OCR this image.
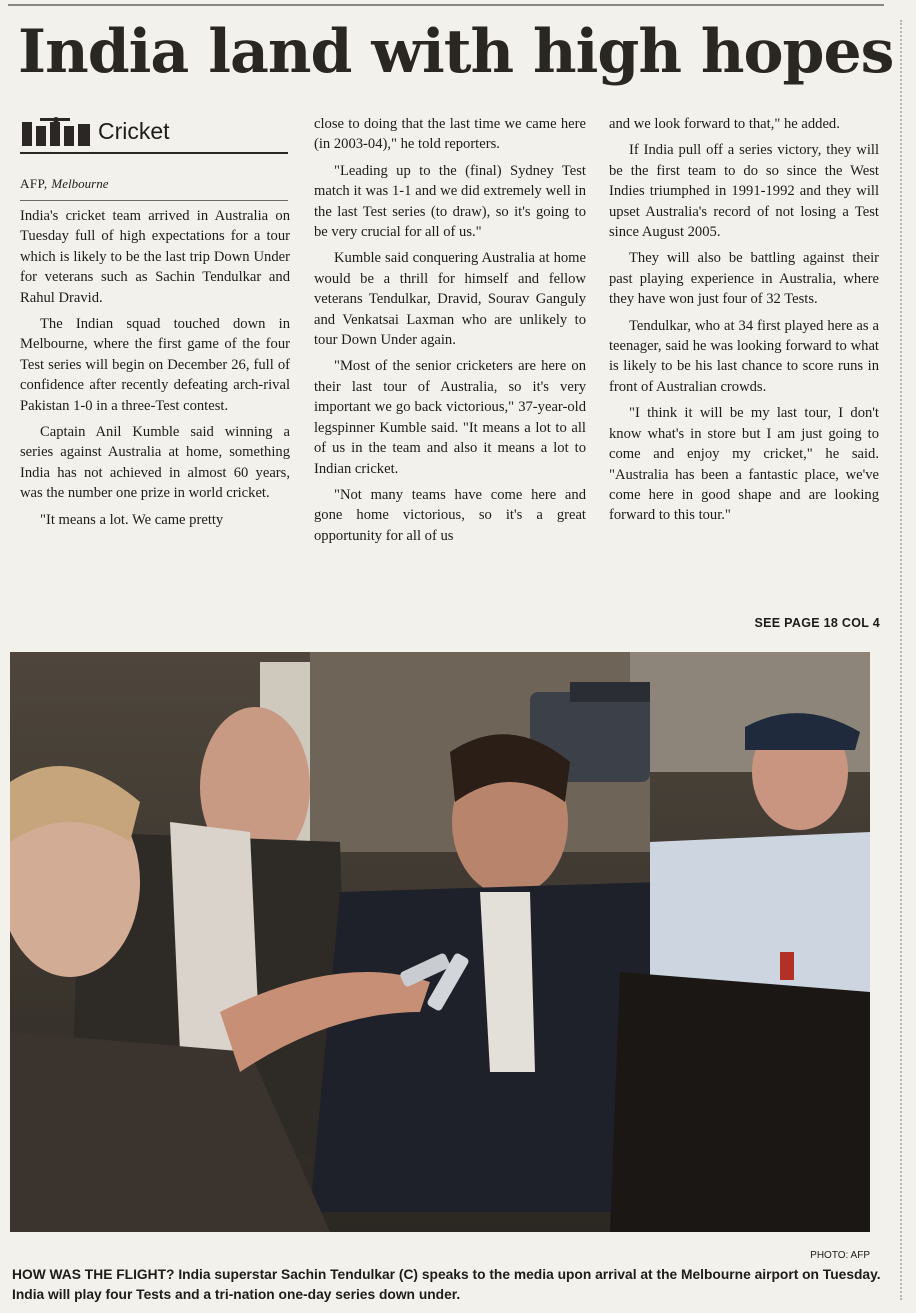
India land with high hopes
Cricket
AFP, Melbourne

India's cricket team arrived in Australia on Tuesday full of high expectations for a tour which is likely to be the last trip Down Under for veterans such as Sachin Tendulkar and Rahul Dravid.

The Indian squad touched down in Melbourne, where the first game of the four Test series will begin on December 26, full of confidence after recently defeating arch-rival Pakistan 1-0 in a three-Test contest.

Captain Anil Kumble said winning a series against Australia at home, something India has not achieved in almost 60 years, was the number one prize in world cricket.

"It means a lot. We came pretty

close to doing that the last time we came here (in 2003-04)," he told reporters.

"Leading up to the (final) Sydney Test match it was 1-1 and we did extremely well in the last Test series (to draw), so it's going to be very crucial for all of us."

Kumble said conquering Australia at home would be a thrill for himself and fellow veterans Tendulkar, Dravid, Sourav Ganguly and Venkatsai Laxman who are unlikely to tour Down Under again.

"Most of the senior cricketers are here on their last tour of Australia, so it's very important we go back victorious," 37-year-old legspinner Kumble said. "It means a lot to all of us in the team and also it means a lot to Indian cricket.

"Not many teams have come here and gone home victorious, so it's a great opportunity for all of us

and we look forward to that," he added.

If India pull off a series victory, they will be the first team to do so since the West Indies triumphed in 1991-1992 and they will upset Australia's record of not losing a Test since August 2005.

They will also be battling against their past playing experience in Australia, where they have won just four of 32 Tests.

Tendulkar, who at 34 first played here as a teenager, said he was looking forward to what is likely to be his last chance to score runs in front of Australian crowds.

"I think it will be my last tour, I don't know what's in store but I am just going to come and enjoy my cricket," he said. "Australia has been a fantastic place, we've come here in good shape and are looking forward to this tour."

SEE PAGE 18 COL 4
PHOTO: AFP
HOW WAS THE FLIGHT? India superstar Sachin Tendulkar (C) speaks to the media upon arrival at the Melbourne airport on Tuesday. India will play four Tests and a tri-nation one-day series down under.
